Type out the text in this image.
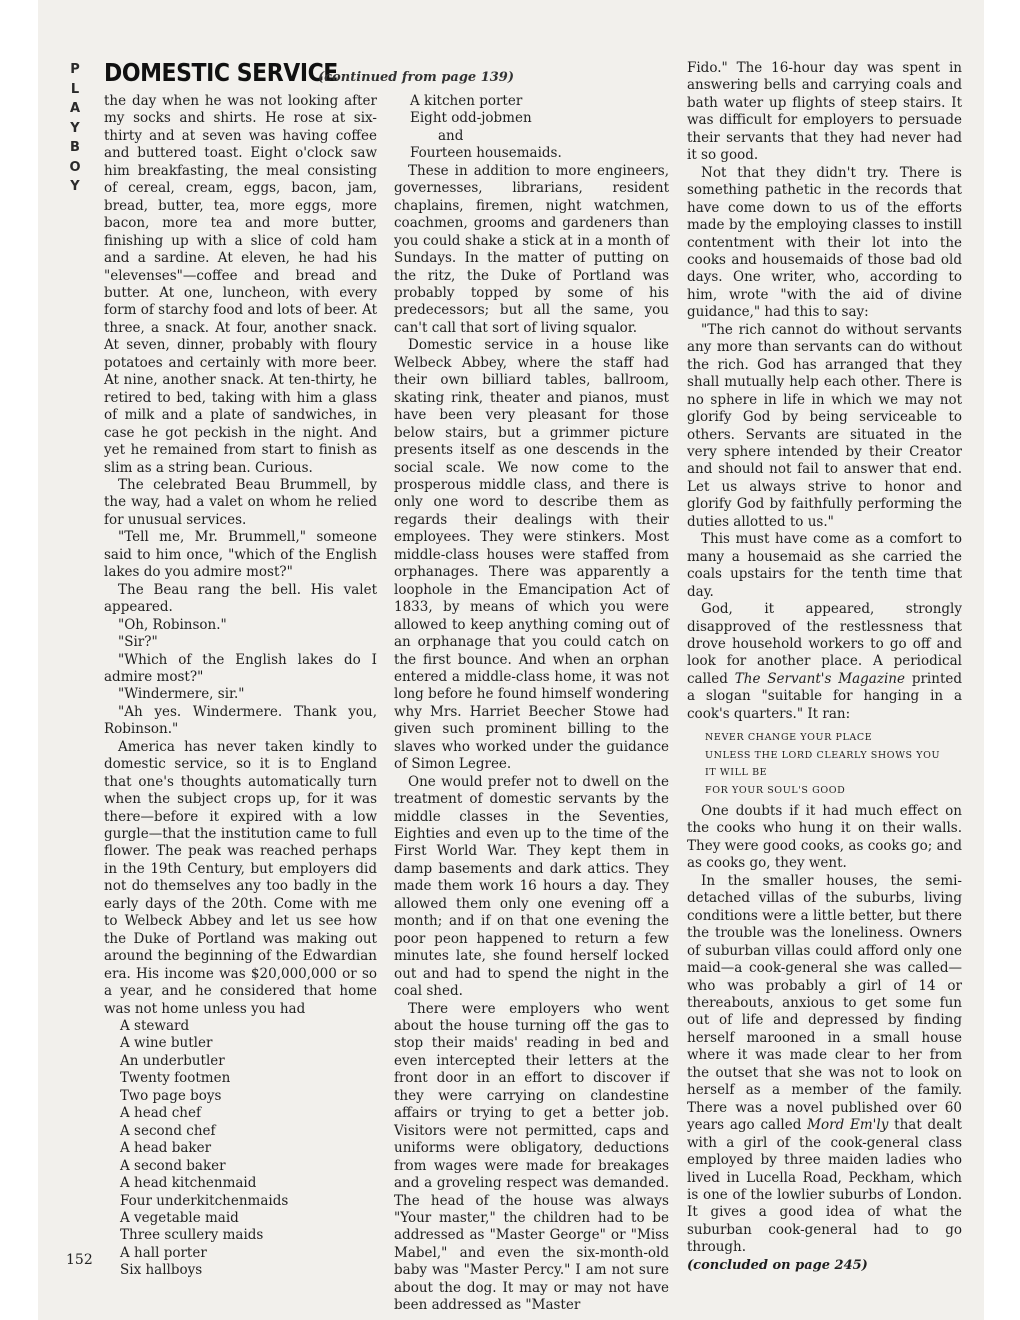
P
L
A
Y
B
O
Y
DOMESTIC SERVICE
(continued from page 139)

the day when he was not looking after my socks and shirts. He rose at six-thirty and at seven was having coffee and buttered toast. Eight o'clock saw him breakfasting, the meal consisting of cereal, cream, eggs, bacon, jam, bread, butter, tea, more eggs, more bacon, more tea and more butter, finishing up with a slice of cold ham and a sardine. At eleven, he had his "elevenses"—coffee and bread and butter. At one, luncheon, with every form of starchy food and lots of beer. At three, a snack. At four, another snack. At seven, dinner, probably with floury potatoes and certainly with more beer. At nine, another snack. At ten-thirty, he retired to bed, taking with him a glass of milk and a plate of sandwiches, in case he got peckish in the night. And yet he remained from start to finish as slim as a string bean. Curious.

The celebrated Beau Brummell, by the way, had a valet on whom he relied for unusual services.

"Tell me, Mr. Brummell," someone said to him once, "which of the English lakes do you admire most?"

The Beau rang the bell. His valet appeared.

"Oh, Robinson."

"Sir?"

"Which of the English lakes do I admire most?"

"Windermere, sir."

"Ah yes. Windermere. Thank you, Robinson."

America has never taken kindly to domestic service, so it is to England that one's thoughts automatically turn when the subject crops up, for it was there—before it expired with a low gurgle—that the institution came to full flower. The peak was reached perhaps in the 19th Century, but employers did not do themselves any too badly in the early days of the 20th. Come with me to Welbeck Abbey and let us see how the Duke of Portland was making out around the beginning of the Edwardian era. His income was $20,000,000 or so a year, and he considered that home was not home unless you had

A steward
A wine butler
An underbutler
Twenty footmen
Two page boys
A head chef
A second chef
A head baker
A second baker
A head kitchenmaid
Four underkitchenmaids
A vegetable maid
Three scullery maids
A hall porter
Six hallboys
A kitchen porter
Eight odd-jobmen
and
Fourteen housemaids.

These in addition to more engineers, governesses, librarians, resident chaplains, firemen, night watchmen, coachmen, grooms and gardeners than you could shake a stick at in a month of Sundays. In the matter of putting on the ritz, the Duke of Portland was probably topped by some of his predecessors; but all the same, you can't call that sort of living squalor.

Domestic service in a house like Welbeck Abbey, where the staff had their own billiard tables, ballroom, skating rink, theater and pianos, must have been very pleasant for those below stairs, but a grimmer picture presents itself as one descends in the social scale. We now come to the prosperous middle class, and there is only one word to describe them as regards their dealings with their employees. They were stinkers. Most middle-class houses were staffed from orphanages. There was apparently a loophole in the Emancipation Act of 1833, by means of which you were allowed to keep anything coming out of an orphanage that you could catch on the first bounce. And when an orphan entered a middle-class home, it was not long before he found himself wondering why Mrs. Harriet Beecher Stowe had given such prominent billing to the slaves who worked under the guidance of Simon Legree.

One would prefer not to dwell on the treatment of domestic servants by the middle classes in the Seventies, Eighties and even up to the time of the First World War. They kept them in damp basements and dark attics. They made them work 16 hours a day. They allowed them only one evening off a month; and if on that one evening the poor peon happened to return a few minutes late, she found herself locked out and had to spend the night in the coal shed.

There were employers who went about the house turning off the gas to stop their maids' reading in bed and even intercepted their letters at the front door in an effort to discover if they were carrying on clandestine affairs or trying to get a better job. Visitors were not permitted, caps and uniforms were obligatory, deductions from wages were made for breakages and a groveling respect was demanded. The head of the house was always "Your master," the children had to be addressed as "Master George" or "Miss Mabel," and even the six-month-old baby was "Master Percy." I am not sure about the dog. It may or may not have been addressed as "Master

Fido." The 16-hour day was spent in answering bells and carrying coals and bath water up flights of steep stairs. It was difficult for employers to persuade their servants that they had never had it so good.

Not that they didn't try. There is something pathetic in the records that have come down to us of the efforts made by the employing classes to instill contentment with their lot into the cooks and housemaids of those bad old days. One writer, who, according to him, wrote "with the aid of divine guidance," had this to say:

"The rich cannot do without servants any more than servants can do without the rich. God has arranged that they shall mutually help each other. There is no sphere in life in which we may not glorify God by being serviceable to others. Servants are situated in the very sphere intended by their Creator and should not fail to answer that end. Let us always strive to honor and glorify God by faithfully performing the duties allotted to us."

This must have come as a comfort to many a housemaid as she carried the coals upstairs for the tenth time that day.

God, it appeared, strongly disapproved of the restlessness that drove household workers to go off and look for another place. A periodical called The Servant's Magazine printed a slogan "suitable for hanging in a cook's quarters." It ran:

NEVER CHANGE YOUR PLACE
UNLESS THE LORD CLEARLY SHOWS YOU
IT WILL BE
FOR YOUR SOUL'S GOOD

One doubts if it had much effect on the cooks who hung it on their walls. They were good cooks, as cooks go; and as cooks go, they went.

In the smaller houses, the semi-detached villas of the suburbs, living conditions were a little better, but there the trouble was the loneliness. Owners of suburban villas could afford only one maid—a cook-general she was called—who was probably a girl of 14 or thereabouts, anxious to get some fun out of life and depressed by finding herself marooned in a small house where it was made clear to her from the outset that she was not to look on herself as a member of the family. There was a novel published over 60 years ago called Mord Em'ly that dealt with a girl of the cook-general class employed by three maiden ladies who lived in Lucella Road, Peckham, which is one of the lowlier suburbs of London. It gives a good idea of what the suburban cook-general had to go through.

(concluded on page 245)

152
